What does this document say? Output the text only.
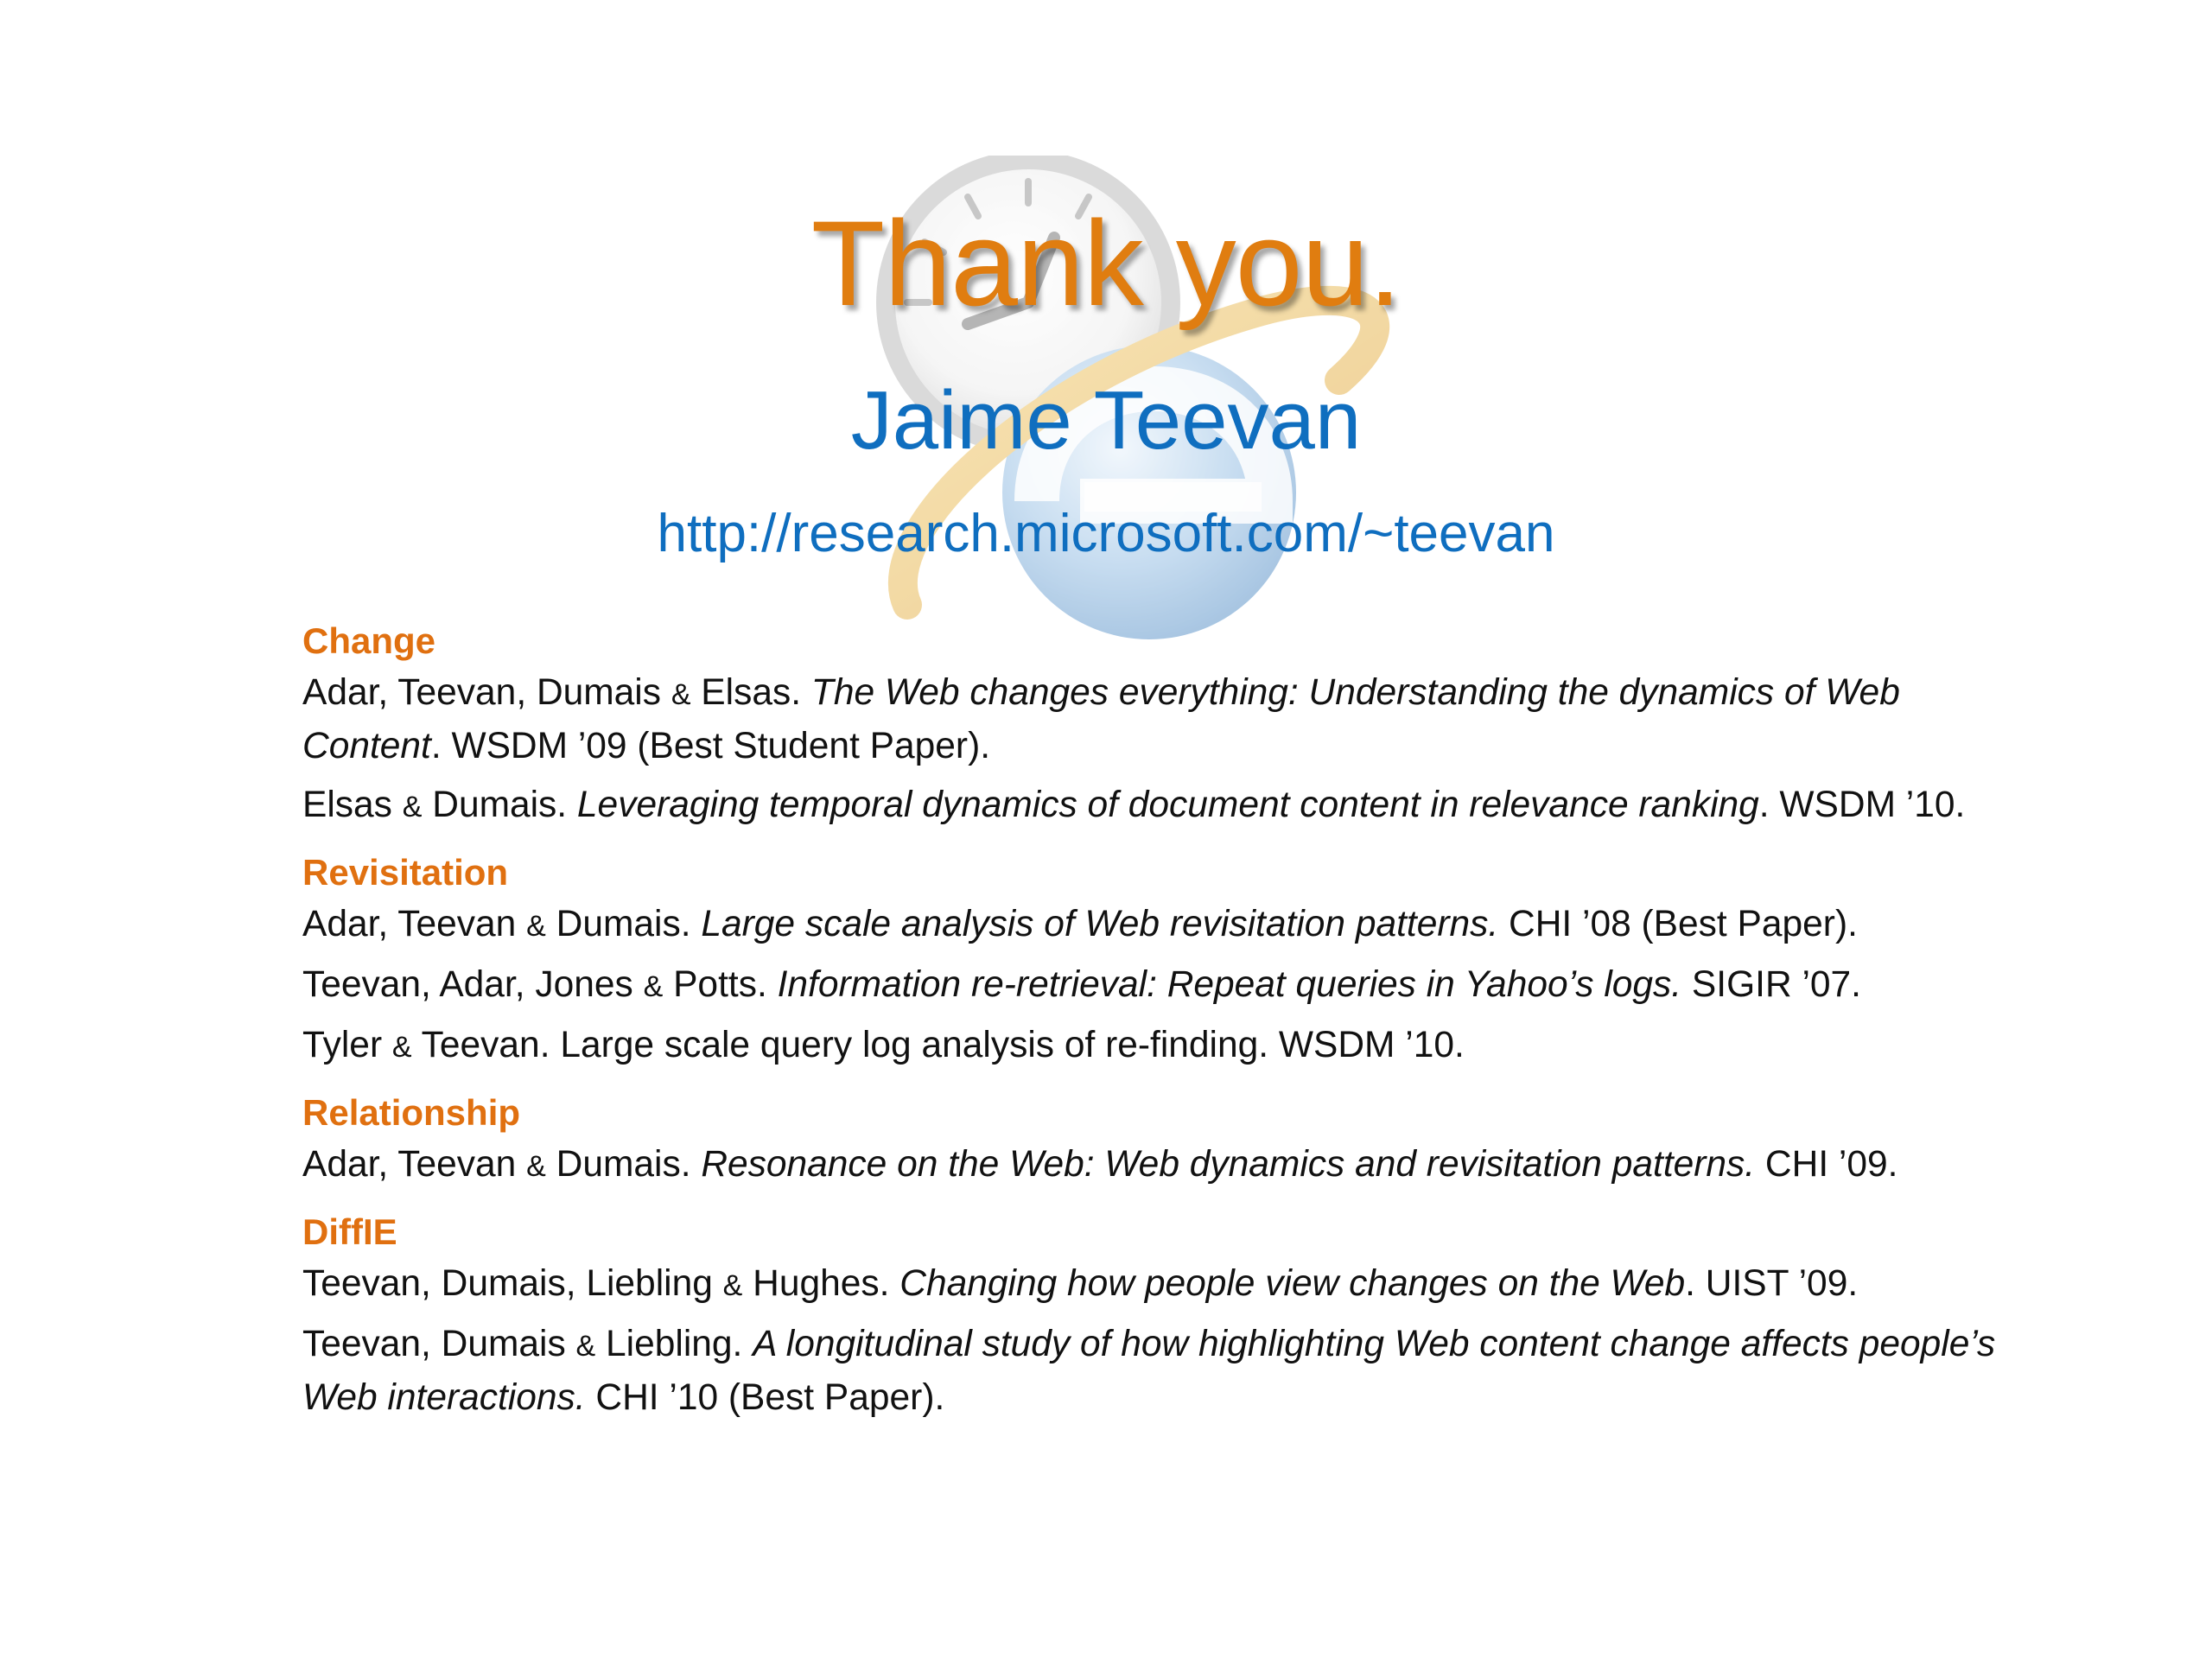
Thank you.
Jaime Teevan
http://research.microsoft.com/~teevan

Change

Adar, Teevan, Dumais & Elsas. The Web changes everything: Understanding the dynamics of Web Content. WSDM ’09 (Best Student Paper).

Elsas & Dumais. Leveraging temporal dynamics of document content in relevance ranking. WSDM ’10.

Revisitation

Adar, Teevan & Dumais. Large scale analysis of Web revisitation patterns. CHI ’08 (Best Paper).

Teevan, Adar, Jones & Potts. Information re-retrieval: Repeat queries in Yahoo’s logs. SIGIR ’07.

Tyler & Teevan. Large scale query log analysis of re-finding. WSDM ’10.

Relationship

Adar, Teevan & Dumais. Resonance on the Web: Web dynamics and revisitation patterns. CHI ’09.

DiffIE

Teevan, Dumais, Liebling & Hughes. Changing how people view changes on the Web. UIST ’09.

Teevan, Dumais & Liebling. A longitudinal study of how highlighting Web content change affects people’s Web interactions. CHI ’10 (Best Paper).
